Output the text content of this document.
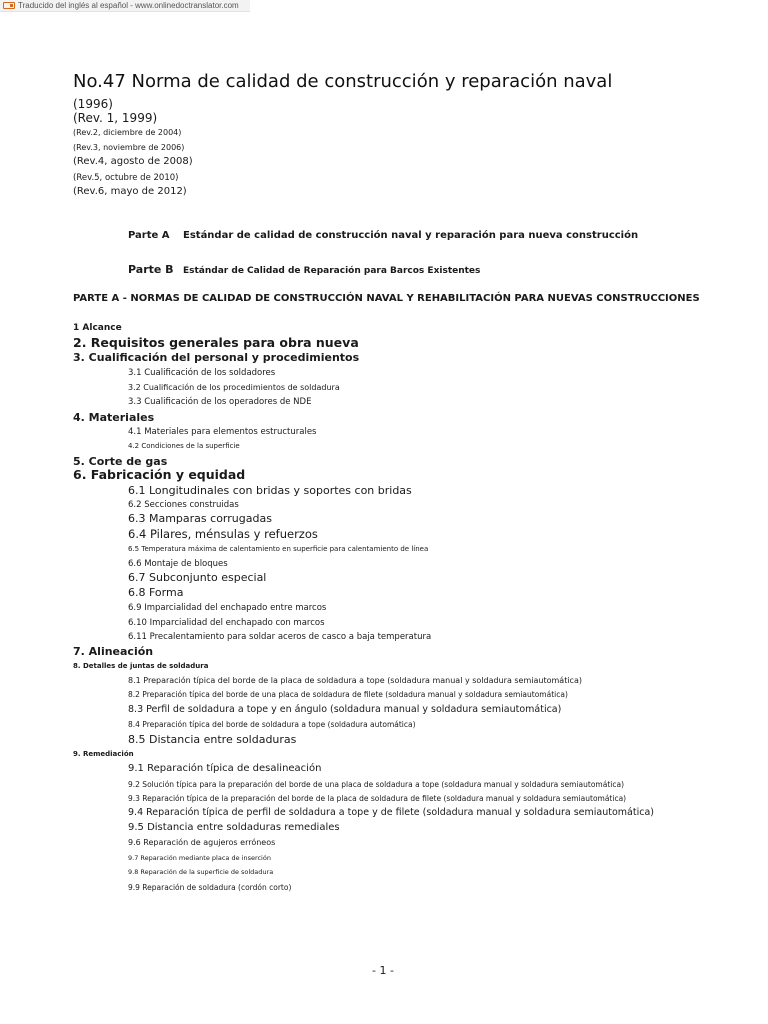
Traducido del inglés al español - www.onlinedoctranslator.com
No.47 Norma de calidad de construcción y reparación naval
(1996)
(Rev. 1, 1999)
(Rev.2, diciembre de 2004)
(Rev.3, noviembre de 2006)
(Rev.4, agosto de 2008)
(Rev.5, octubre de 2010)
(Rev.6, mayo de 2012)
Parte A Estándar de calidad de construcción naval y reparación para nueva construcción
Parte B Estándar de Calidad de Reparación para Barcos Existentes
PARTE A - NORMAS DE CALIDAD DE CONSTRUCCIÓN NAVAL Y REHABILITACIÓN PARA NUEVAS CONSTRUCCIONES
1 Alcance
2. Requisitos generales para obra nueva
3. Cualificación del personal y procedimientos
3.1 Cualificación de los soldadores
3.2 Cualificación de los procedimientos de soldadura
3.3 Cualificación de los operadores de NDE
4. Materiales
4.1 Materiales para elementos estructurales
4.2 Condiciones de la superficie
5. Corte de gas
6. Fabricación y equidad
6.1 Longitudinales con bridas y soportes con bridas
6.2 Secciones construidas
6.3 Mamparas corrugadas
6.4 Pilares, ménsulas y refuerzos
6.5 Temperatura máxima de calentamiento en superficie para calentamiento de línea
6.6 Montaje de bloques
6.7 Subconjunto especial
6.8 Forma
6.9 Imparcialidad del enchapado entre marcos
6.10 Imparcialidad del enchapado con marcos
6.11 Precalentamiento para soldar aceros de casco a baja temperatura
7. Alineación
8. Detalles de juntas de soldadura
8.1 Preparación típica del borde de la placa de soldadura a tope (soldadura manual y soldadura semiautomática)
8.2 Preparación típica del borde de una placa de soldadura de filete (soldadura manual y soldadura semiautomática)
8.3 Perfil de soldadura a tope y en ángulo (soldadura manual y soldadura semiautomática)
8.4 Preparación típica del borde de soldadura a tope (soldadura automática)
8.5 Distancia entre soldaduras
9. Remediación
9.1 Reparación típica de desalineación
9.2 Solución típica para la preparación del borde de una placa de soldadura a tope (soldadura manual y soldadura semiautomática)
9.3 Reparación típica de la preparación del borde de la placa de soldadura de filete (soldadura manual y soldadura semiautomática)
9.4 Reparación típica de perfil de soldadura a tope y de filete (soldadura manual y soldadura semiautomática)
9.5 Distancia entre soldaduras remediales
9.6 Reparación de agujeros erróneos
9.7 Reparación mediante placa de inserción
9.8 Reparación de la superficie de soldadura
9.9 Reparación de soldadura (cordón corto)
- 1 -
